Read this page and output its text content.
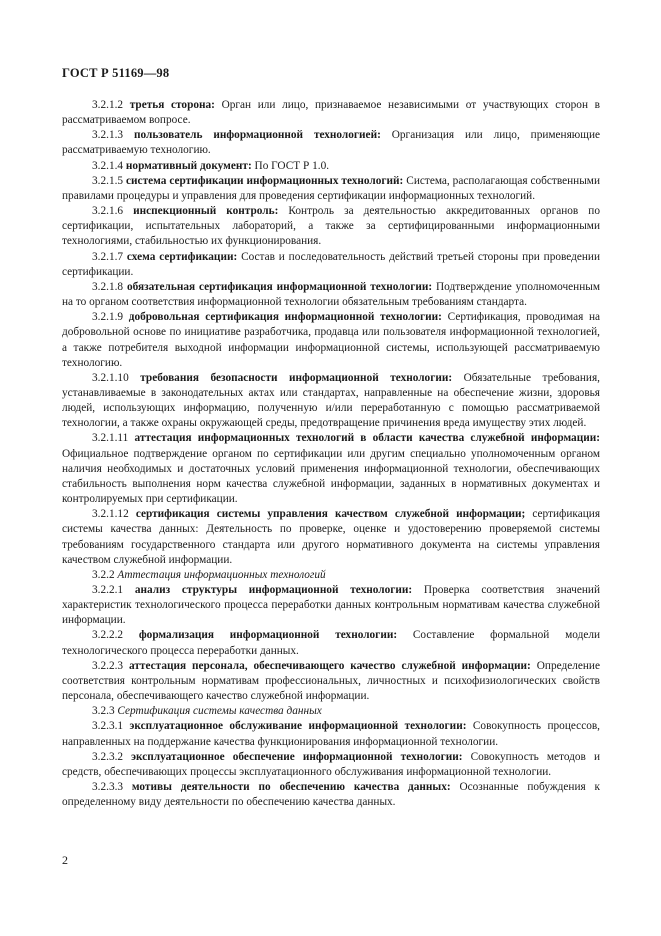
ГОСТ Р 51169—98

3.2.1.2 третья сторона: Орган или лицо, признаваемое независимыми от участвующих сторон в рассматриваемом вопросе.

3.2.1.3 пользователь информационной технологией: Организация или лицо, применяющие рассматриваемую технологию.

3.2.1.4 нормативный документ: По ГОСТ Р 1.0.

3.2.1.5 система сертификации информационных технологий: Система, располагающая собственными правилами процедуры и управления для проведения сертификации информационных технологий.

3.2.1.6 инспекционный контроль: Контроль за деятельностью аккредитованных органов по сертификации, испытательных лабораторий, а также за сертифицированными информационными технологиями, стабильностью их функционирования.

3.2.1.7 схема сертификации: Состав и последовательность действий третьей стороны при проведении сертификации.

3.2.1.8 обязательная сертификация информационной технологии: Подтверждение уполномоченным на то органом соответствия информационной технологии обязательным требованиям стандарта.

3.2.1.9 добровольная сертификация информационной технологии: Сертификация, проводимая на добровольной основе по инициативе разработчика, продавца или пользователя информационной технологией, а также потребителя выходной информации информационной системы, использующей рассматриваемую технологию.

3.2.1.10 требования безопасности информационной технологии: Обязательные требования, устанавливаемые в законодательных актах или стандартах, направленные на обеспечение жизни, здоровья людей, использующих информацию, полученную и/или переработанную с помощью рассматриваемой технологии, а также охраны окружающей среды, предотвращение причинения вреда имуществу этих людей.

3.2.1.11 аттестация информационных технологий в области качества служебной информации: Официальное подтверждение органом по сертификации или другим специально уполномоченным органом наличия необходимых и достаточных условий применения информационной технологии, обеспечивающих стабильность выполнения норм качества служебной информации, заданных в нормативных документах и контролируемых при сертификации.

3.2.1.12 сертификация системы управления качеством служебной информации; сертификация системы качества данных: Деятельность по проверке, оценке и удостоверению проверяемой системы требованиям государственного стандарта или другого нормативного документа на системы управления качеством служебной информации.

3.2.2 Аттестация информационных технологий

3.2.2.1 анализ структуры информационной технологии: Проверка соответствия значений характеристик технологического процесса переработки данных контрольным нормативам качества служебной информации.

3.2.2.2 формализация информационной технологии: Составление формальной модели технологического процесса переработки данных.

3.2.2.3 аттестация персонала, обеспечивающего качество служебной информации: Определение соответствия контрольным нормативам профессиональных, личностных и психофизиологических свойств персонала, обеспечивающего качество служебной информации.

3.2.3 Сертификация системы качества данных

3.2.3.1 эксплуатационное обслуживание информационной технологии: Совокупность процессов, направленных на поддержание качества функционирования информационной технологии.

3.2.3.2 эксплуатационное обеспечение информационной технологии: Совокупность методов и средств, обеспечивающих процессы эксплуатационного обслуживания информационной технологии.

3.2.3.3 мотивы деятельности по обеспечению качества данных: Осознанные побуждения к определенному виду деятельности по обеспечению качества данных.

2
